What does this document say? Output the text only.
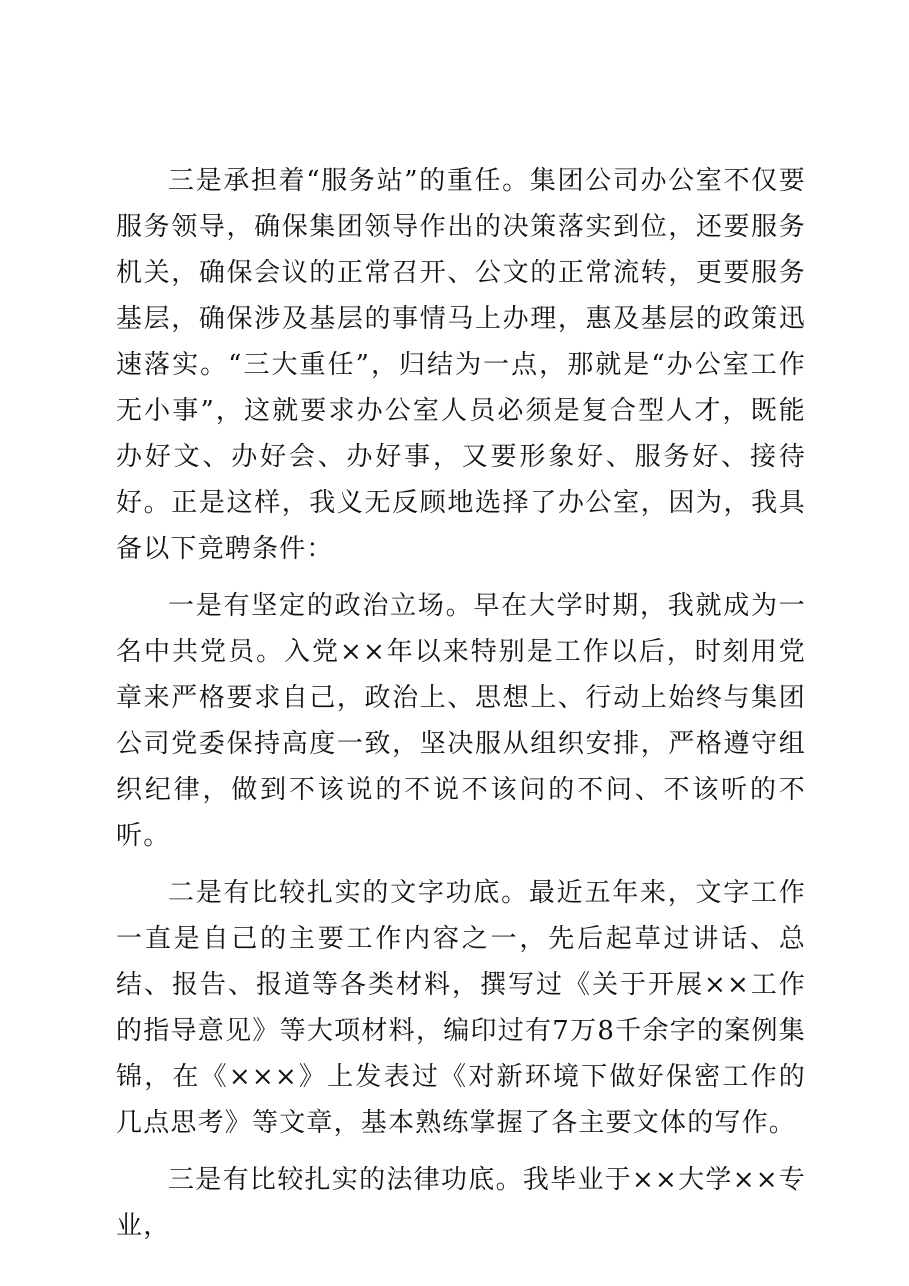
三是承担着“服务站”的重任。集团公司办公室不仅要服务领导，确保集团领导作出的决策落实到位，还要服务机关，确保会议的正常召开、公文的正常流转，更要服务基层，确保涉及基层的事情马上办理，惠及基层的政策迅速落实。“三大重任”，归结为一点，那就是“办公室工作无小事”，这就要求办公室人员必须是复合型人才，既能办好文、办好会、办好事，又要形象好、服务好、接待好。正是这样，我义无反顾地选择了办公室，因为，我具备以下竞聘条件：

一是有坚定的政治立场。早在大学时期，我就成为一名中共党员。入党××年以来特别是工作以后，时刻用党章来严格要求自己，政治上、思想上、行动上始终与集团公司党委保持高度一致，坚决服从组织安排，严格遵守组织纪律，做到不该说的不说不该问的不问、不该听的不听。

二是有比较扎实的文字功底。最近五年来，文字工作一直是自己的主要工作内容之一，先后起草过讲话、总结、报告、报道等各类材料，撰写过《关于开展××工作的指导意见》等大项材料，编印过有7万8千余字的案例集锦，在《×××》上发表过《对新环境下做好保密工作的几点思考》等文章，基本熟练掌握了各主要文体的写作。

三是有比较扎实的法律功底。我毕业于××大学××专业，
